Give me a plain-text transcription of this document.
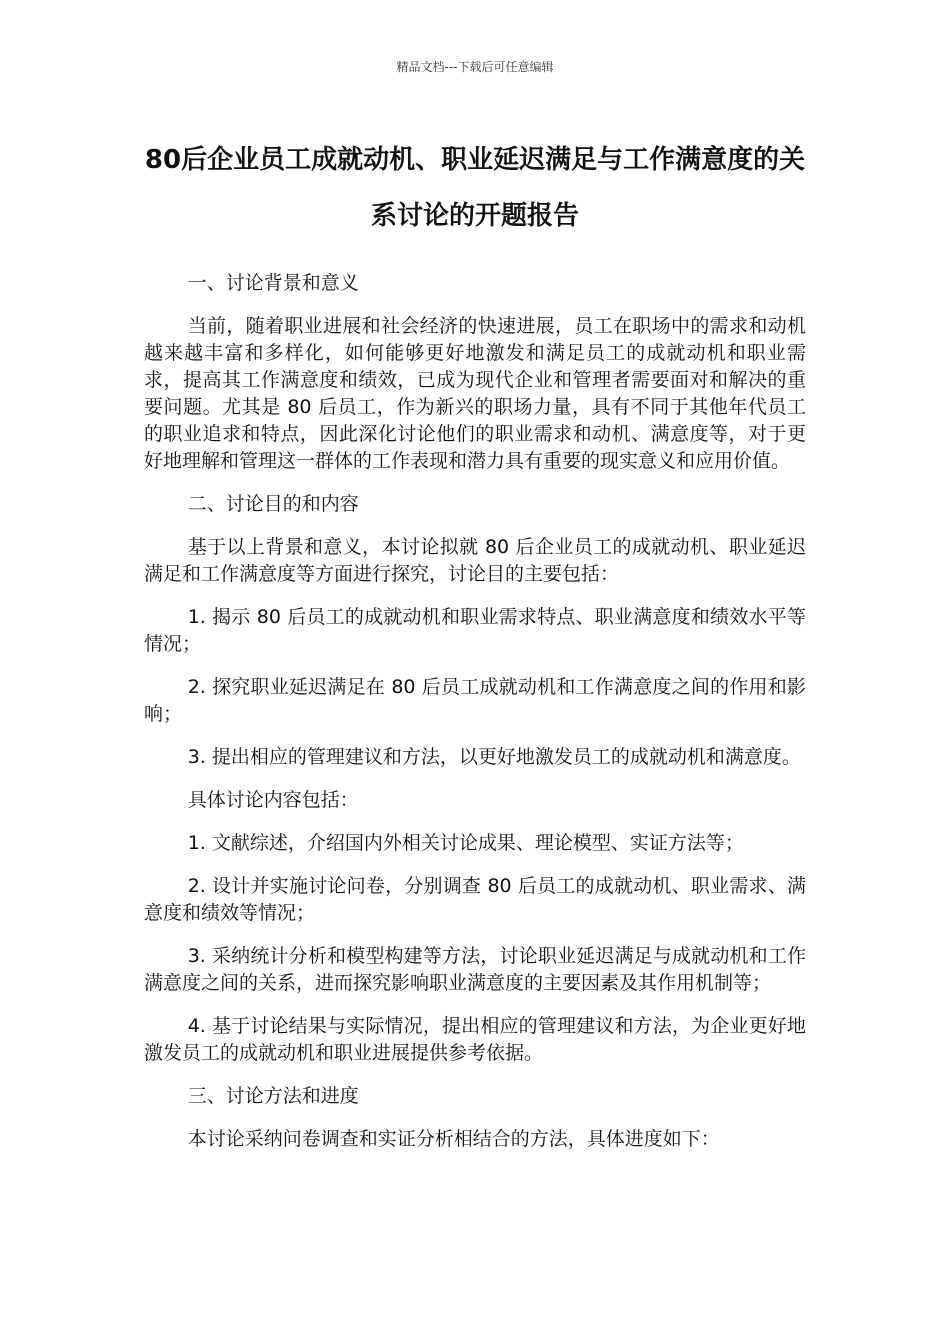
精品文档---下载后可任意编辑
80后企业员工成就动机、职业延迟满足与工作满意度的关系讨论的开题报告

一、讨论背景和意义

当前，随着职业进展和社会经济的快速进展，员工在职场中的需求和动机越来越丰富和多样化，如何能够更好地激发和满足员工的成就动机和职业需求，提高其工作满意度和绩效，已成为现代企业和管理者需要面对和解决的重要问题。尤其是 80 后员工，作为新兴的职场力量，具有不同于其他年代员工的职业追求和特点，因此深化讨论他们的职业需求和动机、满意度等，对于更好地理解和管理这一群体的工作表现和潜力具有重要的现实意义和应用价值。

二、讨论目的和内容

基于以上背景和意义，本讨论拟就 80 后企业员工的成就动机、职业延迟满足和工作满意度等方面进行探究，讨论目的主要包括：

1. 揭示 80 后员工的成就动机和职业需求特点、职业满意度和绩效水平等情况；

2. 探究职业延迟满足在 80 后员工成就动机和工作满意度之间的作用和影响；

3. 提出相应的管理建议和方法，以更好地激发员工的成就动机和满意度。

具体讨论内容包括：

1. 文献综述，介绍国内外相关讨论成果、理论模型、实证方法等；

2. 设计并实施讨论问卷，分别调查 80 后员工的成就动机、职业需求、满意度和绩效等情况；

3. 采纳统计分析和模型构建等方法，讨论职业延迟满足与成就动机和工作满意度之间的关系，进而探究影响职业满意度的主要因素及其作用机制等；

4. 基于讨论结果与实际情况，提出相应的管理建议和方法，为企业更好地激发员工的成就动机和职业进展提供参考依据。

三、讨论方法和进度

本讨论采纳问卷调查和实证分析相结合的方法，具体进度如下：
